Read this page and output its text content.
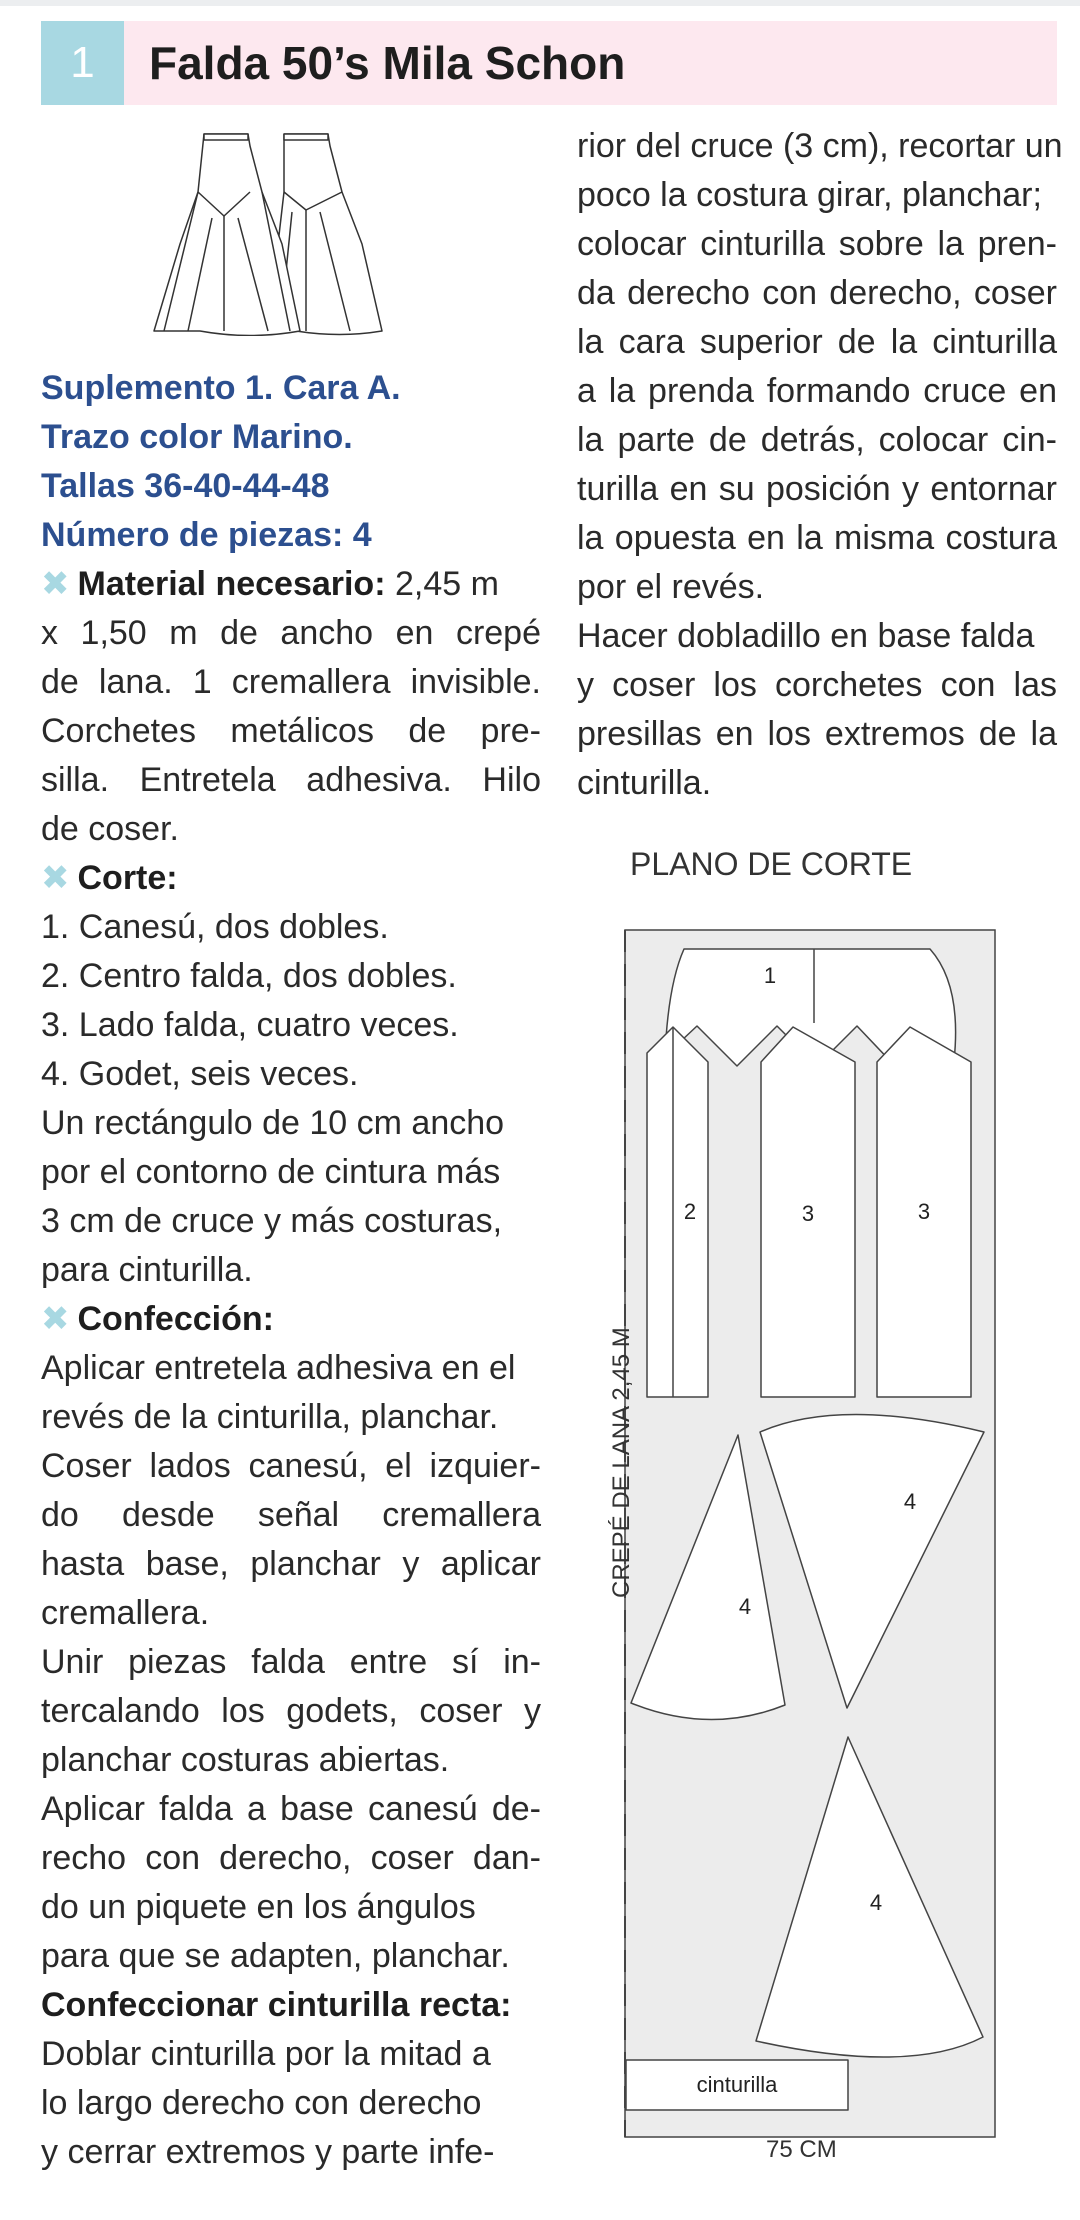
1	Falda 50’s Mila Schon

Suplemento 1. Cara A.

Trazo color Marino.

Tallas 36-40-44-48

Número de piezas: 4

✖ Material necesario: 2,45 m

x 1,50 m de ancho en crepé

de lana. 1 cremallera invisible.

Corchetes metálicos de pre-

silla. Entretela adhesiva. Hilo

de coser.

✖ Corte:

1. Canesú, dos dobles.

2. Centro falda, dos dobles.

3. Lado falda, cuatro veces.

4. Godet, seis veces.

Un rectángulo de 10 cm ancho

por el contorno de cintura más

3 cm de cruce y más costuras,

para cinturilla.

✖ Confección:

Aplicar entretela adhesiva en el

revés de la cinturilla, planchar.

Coser lados canesú, el izquier-

do desde señal cremallera

hasta base, planchar y aplicar

cremallera.

Unir piezas falda entre sí in-

tercalando los godets, coser y

planchar costuras abiertas.

Aplicar falda a base canesú de-

recho con derecho, coser dan-

do un piquete en los ángulos

para que se adapten, planchar.

Confeccionar cinturilla recta:

Doblar cinturilla por la mitad a

lo largo derecho con derecho

y cerrar extremos y parte infe-

rior del cruce (3 cm), recortar un

poco la costura girar, planchar;

colocar cinturilla sobre la pren-

da derecho con derecho, coser

la cara superior de la cinturilla

a la prenda formando cruce en

la parte de detrás, colocar cin-

turilla en su posición y entornar

la opuesta en la misma costura

por el revés.

Hacer dobladillo en base falda

y coser los corchetes con las

presillas en los extremos de la

cinturilla.

PLANO DE CORTE
1
2	3	3
4
4
4
cinturilla
CREPÉ DE LANA 2,45 M
75 CM
